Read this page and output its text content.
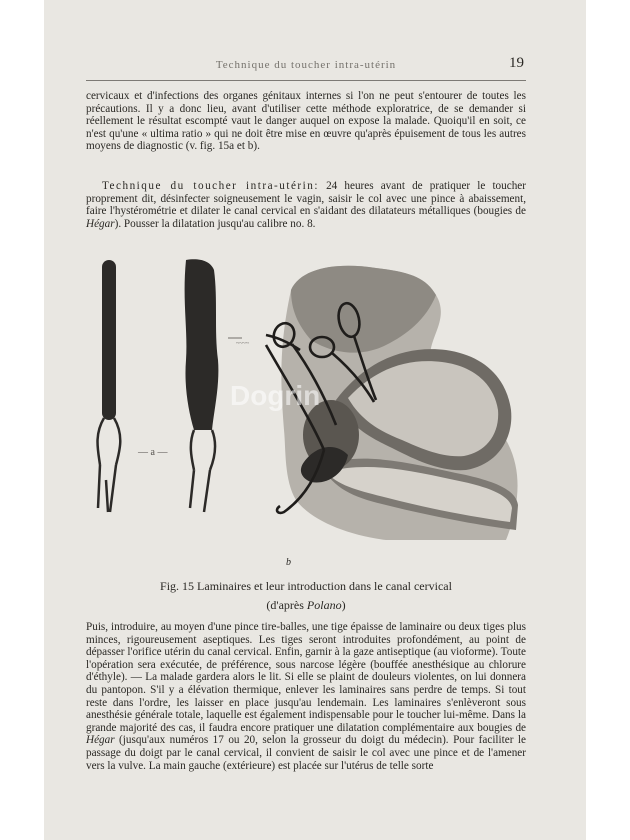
Technique du toucher intra-utérin	19

cervicaux et d'infections des organes génitaux internes si l'on ne peut s'entourer de toutes les précautions. Il y a donc lieu, avant d'utiliser cette méthode exploratrice, de se demander si réellement le résultat escompté vaut le danger auquel on expose la malade. Quoiqu'il en soit, ce n'est qu'une « ultima ratio » qui ne doit être mise en œuvre qu'après épuisement de tous les autres moyens de diagnostic (v. fig. 15a et b).

Technique du toucher intra-utérin: 24 heures avant de pratiquer le toucher proprement dit, désinfecter soigneusement le vagin, saisir le col avec une pince à abaissement, faire l'hystérométrie et dilater le canal cervical en s'aidant des dilatateurs métalliques (bougies de Hégar). Pousser la dilatation jusqu'au calibre no. 8.

~~~~
— a —
b
Dogrin
Fig. 15 Laminaires et leur introduction dans le canal cervical
(d'après Polano)

Puis, introduire, au moyen d'une pince tire-balles, une tige épaisse de laminaire ou deux tiges plus minces, rigoureusement aseptiques. Les tiges seront introduites profondément, au point de dépasser l'orifice utérin du canal cervical. Enfin, garnir à la gaze antiseptique (au vioforme). Toute l'opération sera exécutée, de préférence, sous narcose légère (bouffée anesthésique au chlorure d'éthyle). — La malade gardera alors le lit. Si elle se plaint de douleurs violentes, on lui donnera du pantopon. S'il y a élévation thermique, enlever les laminaires sans perdre de temps. Si tout reste dans l'ordre, les laisser en place jusqu'au lendemain. Les laminaires s'enlèveront sous anesthésie générale totale, laquelle est également indispensable pour le toucher lui-même. Dans la grande majorité des cas, il faudra encore pratiquer une dilatation complémentaire aux bougies de Hégar (jusqu'aux numéros 17 ou 20, selon la grosseur du doigt du médecin). Pour faciliter le passage du doigt par le canal cervical, il convient de saisir le col avec une pince et de l'amener vers la vulve. La main gauche (extérieure) est placée sur l'utérus de telle sorte
